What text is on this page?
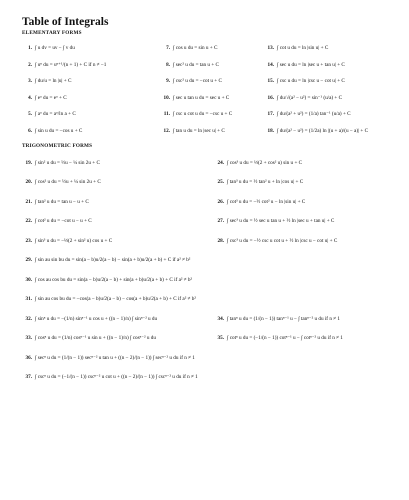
Table of Integrals
ELEMENTARY FORMS
1. ∫ u dv = uv − ∫ v du	7. ∫ cos u du = sin u + C	13. ∫ cot u du = ln |sin u| + C
2. ∫ uⁿ du = uⁿ⁺¹/(n + 1) + C if n ≠ −1	8. ∫ sec² u du = tan u + C	14. ∫ sec u du = ln |sec u + tan u| + C
3. ∫ du/u = ln |u| + C	9. ∫ csc² u du = −cot u + C	15. ∫ csc u du = ln |csc u − cot u| + C
4. ∫ eᵘ du = eᵘ + C	10. ∫ sec u tan u du = sec u + C	16. ∫ du/√(a² − u²) = sin⁻¹ (u/a) + C
5. ∫ aᵘ du = aᵘ/ln a + C	11. ∫ csc u cot u du = −csc u + C	17. ∫ du/(a² + u²) = (1/a) tan⁻¹ (u/a) + C
6. ∫ sin u du = −cos u + C	12. ∫ tan u du = ln |sec u| + C	18. ∫ du/(a² − u²) = (1/2a) ln |(u + a)/(u − a)| + C
TRIGONOMETRIC FORMS
19. ∫ sin² u du = ½u − ¼ sin 2u + C	24. ∫ cos³ u du = ⅓(2 + cos² u) sin u + C
20. ∫ cos² u du = ½u + ¼ sin 2u + C	25. ∫ tan³ u du = ½ tan² u + ln |cos u| + C
21. ∫ tan² u du = tan u − u + C	26. ∫ cot³ u du = −½ cot² u − ln |sin u| + C
22. ∫ cot² u du = −cot u − u + C	27. ∫ sec³ u du = ½ sec u tan u + ½ ln |sec u + tan u| + C
23. ∫ sin³ u du = −⅓(2 + sin² u) cos u + C	28. ∫ csc³ u du = −½ csc u cot u + ½ ln |csc u − cot u| + C
29. ∫ sin au sin bu du = sin(a − b)u/2(a − b) − sin(a + b)u/2(a + b) + C if a² ≠ b²
30. ∫ cos au cos bu du = sin(a − b)u/2(a − b) + sin(a + b)u/2(a + b) + C if a² ≠ b²
31. ∫ sin au cos bu du = −cos(a − b)u/2(a − b) − cos(a + b)u/2(a + b) + C if a² ≠ b²
32. ∫ sinⁿ u du = −(1/n) sinⁿ⁻¹ u cos u + ((n − 1)/n) ∫ sinⁿ⁻² u du	34. ∫ tanⁿ u du = (1/(n − 1)) tanⁿ⁻¹ u − ∫ tanⁿ⁻² u du if n ≠ 1
33. ∫ cosⁿ u du = (1/n) cosⁿ⁻¹ u sin u + ((n − 1)/n) ∫ cosⁿ⁻² u du	35. ∫ cotⁿ u du = (−1/(n − 1)) cotⁿ⁻¹ u − ∫ cotⁿ⁻² u du if n ≠ 1
36. ∫ secⁿ u du = (1/(n − 1)) secⁿ⁻² u tan u + ((n − 2)/(n − 1)) ∫ secⁿ⁻² u du if n ≠ 1
37. ∫ cscⁿ u du = (−1/(n − 1)) cscⁿ⁻² u cot u + ((n − 2)/(n − 1)) ∫ cscⁿ⁻² u du if n ≠ 1
